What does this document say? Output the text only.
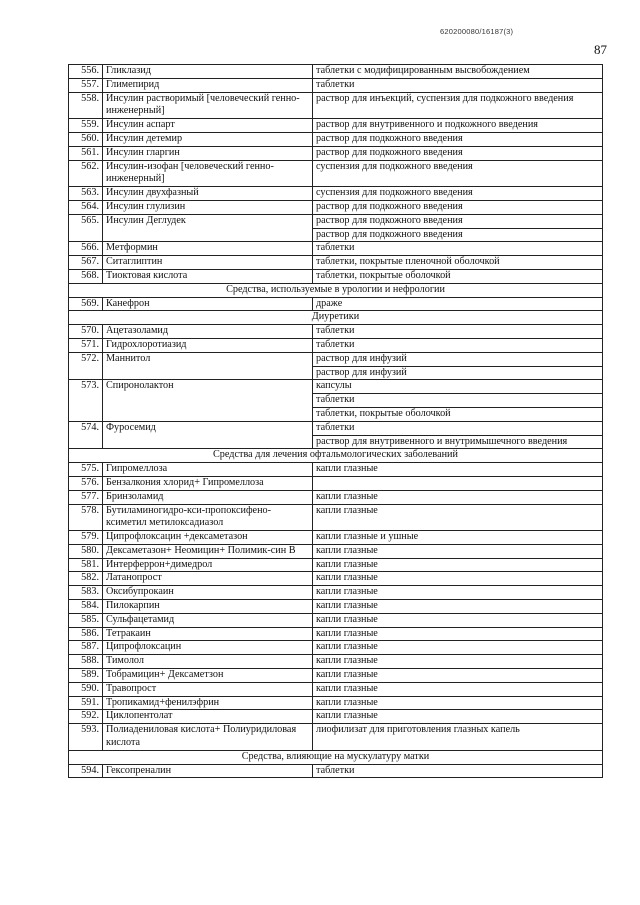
620200080/16187(3)
87
556.	Гликлазид	таблетки с модифицированным высвобождением
557.	Глимепирид	таблетки
558.	Инсулин растворимый [человеческий генно-инженерный]	раствор для инъекций, суспензия для подкожного введения
559.	Инсулин аспарт	раствор для внутривенного и подкожного введения
560.	Инсулин детемир	раствор для подкожного введения
561.	Инсулин гларгин	раствор для подкожного введения
562.	Инсулин-изофан [человеческий генно-инженерный]	суспензия для подкожного введения
563.	Инсулин двухфазный	суспензия для подкожного введения
564.	Инсулин глулизин	раствор для подкожного введения
565.	Инсулин Деглудек	раствор для подкожного введения
		раствор для подкожного введения
566.	Метформин	таблетки
567.	Ситаглиптин	таблетки, покрытые пленочной оболочкой
568.	Тиоктовая кислота	таблетки, покрытые оболочкой
Средства, используемые в урологии и нефрологии		
569.	Канефрон	драже
Диуретики		
570.	Ацетазоламид	таблетки
571.	Гидрохлоротиазид	таблетки
572.	Маннитол	раствор для инфузий
		раствор для инфузий
573.	Спиронолактон	капсулы
		таблетки
		таблетки, покрытые оболочкой
574.	Фуросемид	таблетки
		раствор для внутривенного и внутримышечного введения
Средства для лечения офтальмологических заболеваний		
575.	Гипромеллоза	капли глазные
576.	Бензалкония хлорид+ Гипромеллоза	
577.	Бринзоламид	капли глазные
578.	Бутиламиногидро-кси-пропоксифено-ксиметил метилоксадиазол	капли глазные
579.	Ципрофлоксацин +дексаметазон	капли глазные и ушные
580.	Дексаметазон+ Неомицин+ Полимик-син В	капли глазные
581.	Интерферрон+димедрол	капли глазные
582.	Латанопрост	капли глазные
583.	Оксибупрокаин	капли глазные
584.	Пилокарпин	капли глазные
585.	Сульфацетамид	капли глазные
586.	Тетракаин	капли глазные
587.	Ципрофлоксацин	капли глазные
588.	Тимолол	капли глазные
589.	Тобрамицин+ Дексаметзон	капли глазные
590.	Травопрост	капли глазные
591.	Тропикамид+фенилэфрин	капли глазные
592.	Циклопентолат	капли глазные
593.	Полиадениловая кислота+ Полиуридиловая кислота	лиофилизат для приготовления глазных капель
Средства, влияющие на мускулатуру матки		
594.	Гексопреналин	таблетки
